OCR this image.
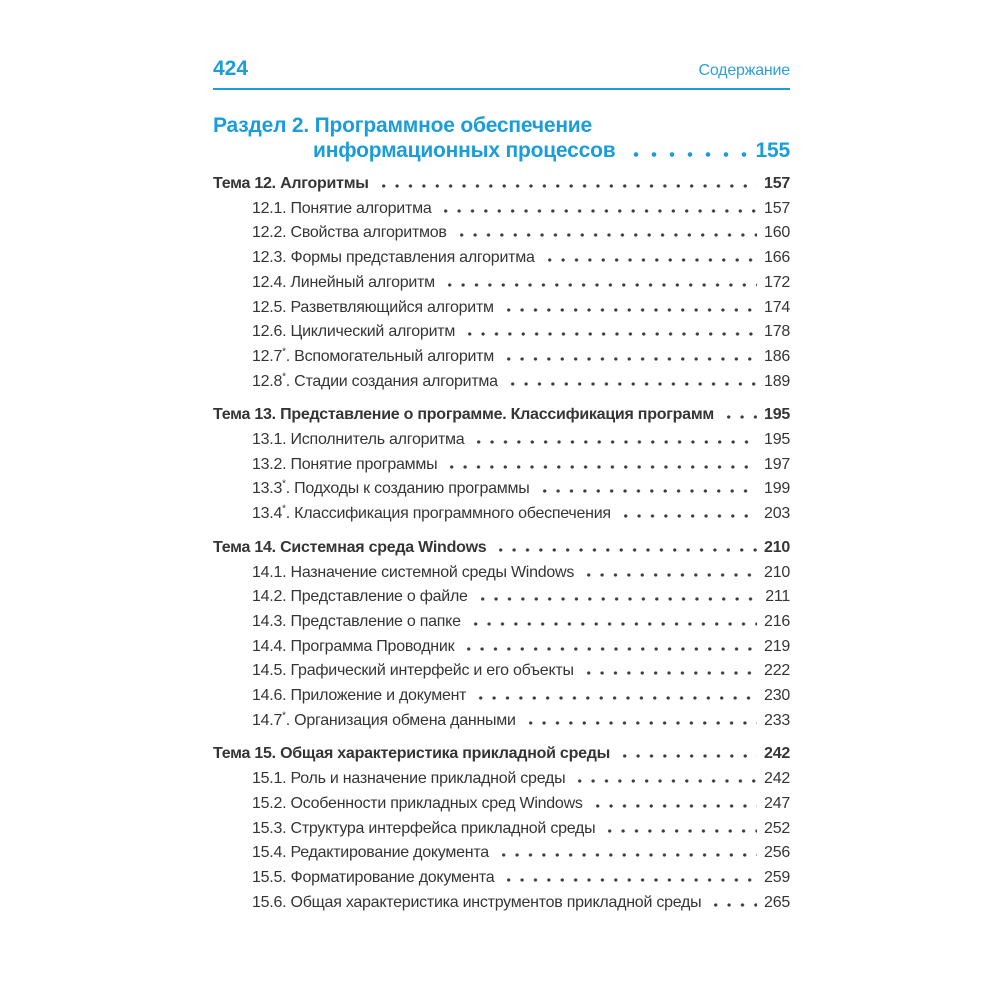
424	Содержание
Раздел 2. Программное обеспечение
информационных процессов	155
Тема 12. Алгоритмы	157
12.1. Понятие алгоритма	157
12.2. Свойства алгоритмов	160
12.3. Формы представления алгоритма	166
12.4. Линейный алгоритм	172
12.5. Разветвляющийся алгоритм	174
12.6. Циклический алгоритм	178
12.7*. Вспомогательный алгоритм	186
12.8*. Стадии создания алгоритма	189
Тема 13. Представление о программе. Классификация программ	195
13.1. Исполнитель алгоритма	195
13.2. Понятие программы	197
13.3*. Подходы к созданию программы	199
13.4*. Классификация программного обеспечения	203
Тема 14. Системная среда Windows	210
14.1. Назначение системной среды Windows	210
14.2. Представление о файле	211
14.3. Представление о папке	216
14.4. Программа Проводник	219
14.5. Графический интерфейс и его объекты	222
14.6. Приложение и документ	230
14.7*. Организация обмена данными	233
Тема 15. Общая характеристика прикладной среды	242
15.1. Роль и назначение прикладной среды	242
15.2. Особенности прикладных сред Windows	247
15.3. Структура интерфейса прикладной среды	252
15.4. Редактирование документа	256
15.5. Форматирование документа	259
15.6. Общая характеристика инструментов прикладной среды	265
